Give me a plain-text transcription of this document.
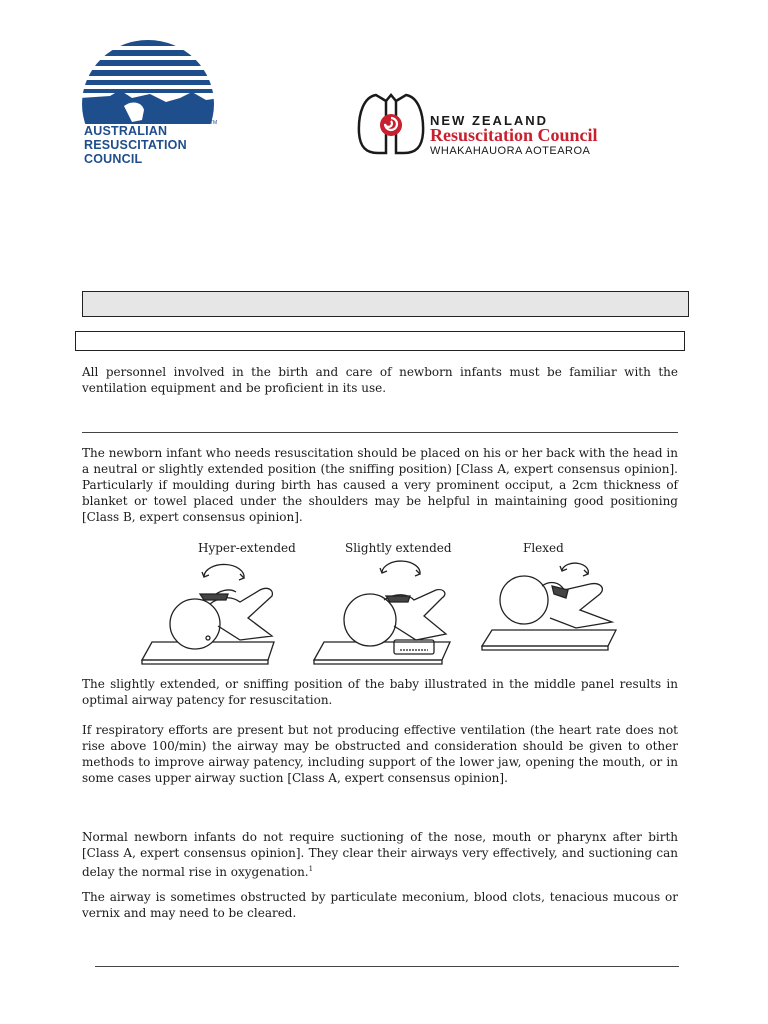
TM
AUSTRALIAN
RESUSCITATION
COUNCIL
NEW ZEALAND
Resuscitation Council
WHAKAHAUORA AOTEAROA

All personnel involved in the birth and care of newborn infants must be familiar with the ventilation equipment and be proficient in its use.

The newborn infant who needs resuscitation should be placed on his or her back with the head in a neutral or slightly extended position (the sniffing position) [Class A, expert consensus opinion]. Particularly if moulding during birth has caused a very prominent occiput, a 2cm thickness of blanket or towel placed under the shoulders may be helpful in maintaining good positioning [Class B, expert consensus opinion].

Hyper-extended	Slightly extended	Flexed

The slightly extended, or sniffing position of the baby illustrated in the middle panel results in optimal airway patency for resuscitation.

If respiratory efforts are present but not producing effective ventilation (the heart rate does not rise above 100/min) the airway may be obstructed and consideration should be given to other methods to improve airway patency, including support of the lower jaw, opening the mouth, or in some cases upper airway suction [Class A, expert consensus opinion].

Normal newborn infants do not require suctioning of the nose, mouth or pharynx after birth [Class A, expert consensus opinion]. They clear their airways very effectively, and suctioning can delay the normal rise in oxygenation.$^1$

The airway is sometimes obstructed by particulate meconium, blood clots, tenacious mucous or vernix and may need to be cleared.
